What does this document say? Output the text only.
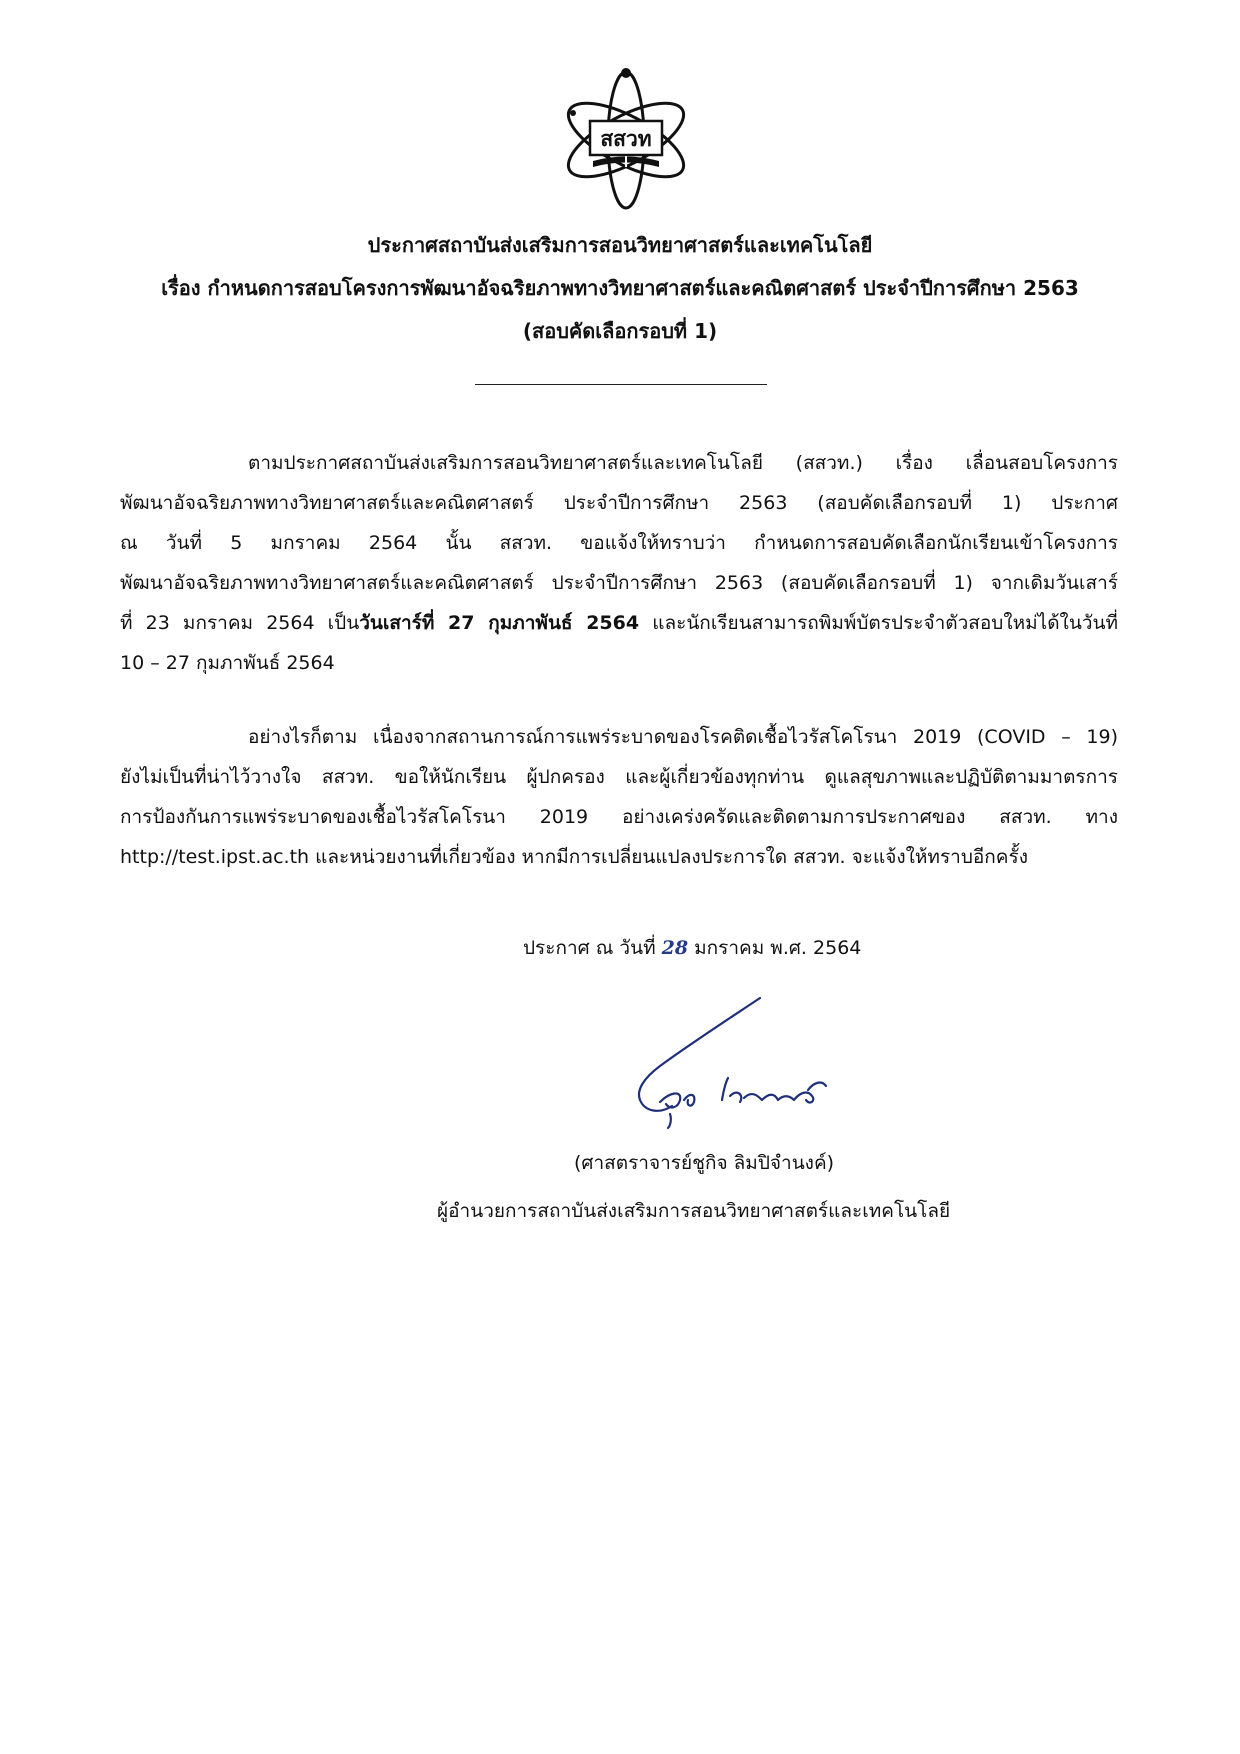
สสวท
ประกาศสถาบันส่งเสริมการสอนวิทยาศาสตร์และเทคโนโลยี
เรื่อง กำหนดการสอบโครงการพัฒนาอัจฉริยภาพทางวิทยาศาสตร์และคณิตศาสตร์ ประจำปีการศึกษา 2563
(สอบคัดเลือกรอบที่ 1)
ตามประกาศสถาบันส่งเสริมการสอนวิทยาศาสตร์และเทคโนโลยี (สสวท.) เรื่อง เลื่อนสอบโครงการ
พัฒนาอัจฉริยภาพทางวิทยาศาสตร์และคณิตศาสตร์ ประจำปีการศึกษา 2563 (สอบคัดเลือกรอบที่ 1) ประกาศ
ณ วันที่ 5 มกราคม 2564 นั้น สสวท. ขอแจ้งให้ทราบว่า กำหนดการสอบคัดเลือกนักเรียนเข้าโครงการ
พัฒนาอัจฉริยภาพทางวิทยาศาสตร์และคณิตศาสตร์ ประจำปีการศึกษา 2563 (สอบคัดเลือกรอบที่ 1) จากเดิมวันเสาร์
ที่ 23 มกราคม 2564 เป็นวันเสาร์ที่ 27 กุมภาพันธ์ 2564 และนักเรียนสามารถพิมพ์บัตรประจำตัวสอบใหม่ได้ในวันที่
10 – 27 กุมภาพันธ์ 2564
อย่างไรก็ตาม เนื่องจากสถานการณ์การแพร่ระบาดของโรคติดเชื้อไวรัสโคโรนา 2019 (COVID – 19)
ยังไม่เป็นที่น่าไว้วางใจ สสวท. ขอให้นักเรียน ผู้ปกครอง และผู้เกี่ยวข้องทุกท่าน ดูแลสุขภาพและปฏิบัติตามมาตรการ
การป้องกันการแพร่ระบาดของเชื้อไวรัสโคโรนา 2019 อย่างเคร่งครัดและติดตามการประกาศของ สสวท. ทาง
http://test.ipst.ac.th และหน่วยงานที่เกี่ยวข้อง หากมีการเปลี่ยนแปลงประการใด สสวท. จะแจ้งให้ทราบอีกครั้ง
ประกาศ ณ วันที่ 28 มกราคม พ.ศ. 2564
(ศาสตราจารย์ชูกิจ ลิมปิจำนงค์)
ผู้อำนวยการสถาบันส่งเสริมการสอนวิทยาศาสตร์และเทคโนโลยี
